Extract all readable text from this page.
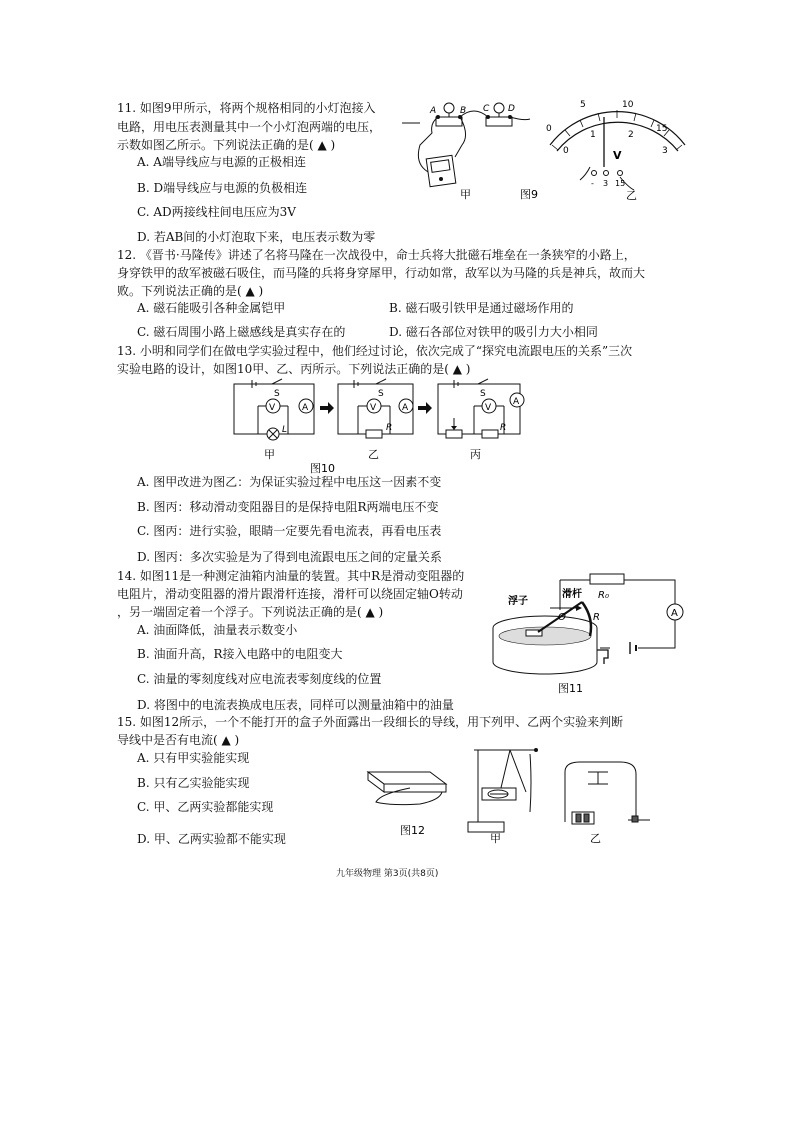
11. 如图9甲所示，将两个规格相同的小灯泡接入
电路，用电压表测量其中一个小灯泡两端的电压，
示数如图乙所示。下列说法正确的是( ▲ )
A. A端导线应与电源的正极相连
B. D端导线应与电源的负极相连
C. AD两接线柱间电压应为3V
D. 若AB间的小灯泡取下来，电压表示数为零
A	B C D
甲	图9
5	10
15
0
0
1	2
3
V
- 3 15
乙
12. 《晋书·马隆传》讲述了名将马隆在一次战役中，命士兵将大批磁石堆垒在一条狭窄的小路上，
身穿铁甲的敌军被磁石吸住，而马隆的兵将身穿犀甲，行动如常，敌军以为马隆的兵是神兵，故而大
败。下列说法正确的是( ▲ )
A. 磁石能吸引各种金属铠甲	B. 磁石吸引铁甲是通过磁场作用的
C. 磁石周围小路上磁感线是真实存在的	D. 磁石各部位对铁甲的吸引力大小相同
13. 小明和同学们在做电学实验过程中，他们经过讨论，依次完成了“探究电流跟电压的关系”三次
实验电路的设计，如图10甲、乙、丙所示。下列说法正确的是( ▲ )
V	A
L
S
V	A
R
S
V
A
R
S
甲	乙	丙
图10
A. 图甲改进为图乙：为保证实验过程中电压这一因素不变
B. 图丙：移动滑动变阻器目的是保持电阻R两端电压不变
C. 图丙：进行实验，眼睛一定要先看电流表，再看电压表
D. 图丙：多次实验是为了得到电流跟电压之间的定量关系
14. 如图11是一种测定油箱内油量的装置。其中R是滑动变阻器的
电阻片，滑动变阻器的滑片跟滑杆连接，滑杆可以绕固定轴O转动
，另一端固定着一个浮子。下列说法正确的是( ▲ )
A. 油面降低，油量表示数变小
B. 油面升高，R接入电路中的电阻变大
C. 油量的零刻度线对应电流表零刻度线的位置
D. 将图中的电流表换成电压表，同样可以测量油箱中的油量
R₀
A
浮子
滑杆
O	R
图11
15. 如图12所示，一个不能打开的盒子外面露出一段细长的导线，用下列甲、乙两个实验来判断
导线中是否有电流( ▲ )
A. 只有甲实验能实现
B. 只有乙实验能实现
C. 甲、乙两实验都能实现
D. 甲、乙两实验都不能实现
图12
甲	乙
九年级物理 第3页(共8页)
